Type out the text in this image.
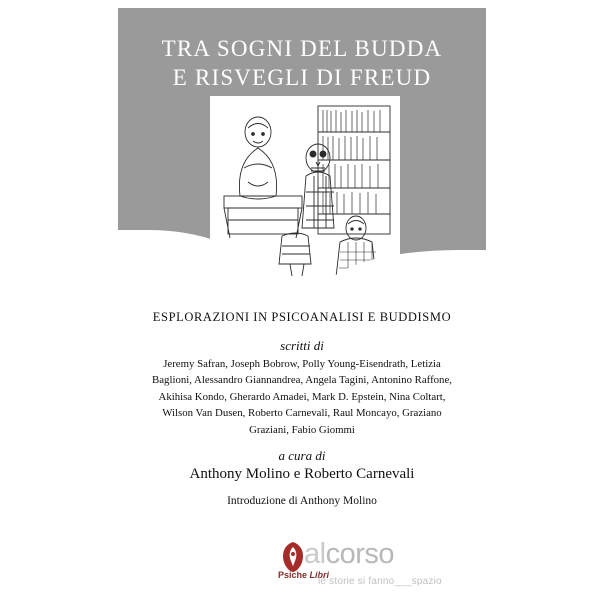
TRA SOGNI DEL BUDDA
E RISVEGLI DI FREUD
ESPLORAZIONI IN PSICOANALISI E BUDDISMO
scritti di
Jeremy Safran, Joseph Bobrow, Polly Young-Eisendrath, Letizia Baglioni, Alessandro Giannandrea, Angela Tagini, Antonino Raffone, Akihisa Kondo, Gherardo Amadei, Mark D. Epstein, Nina Coltart, Wilson Van Dusen, Roberto Carnevali, Raul Moncayo, Graziano Graziani, Fabio Giommi
a cura di
Anthony Molino e Roberto Carnevali
Introduzione di Anthony Molino
alcorso
Psiche Libri
le storie si fanno___spazio
